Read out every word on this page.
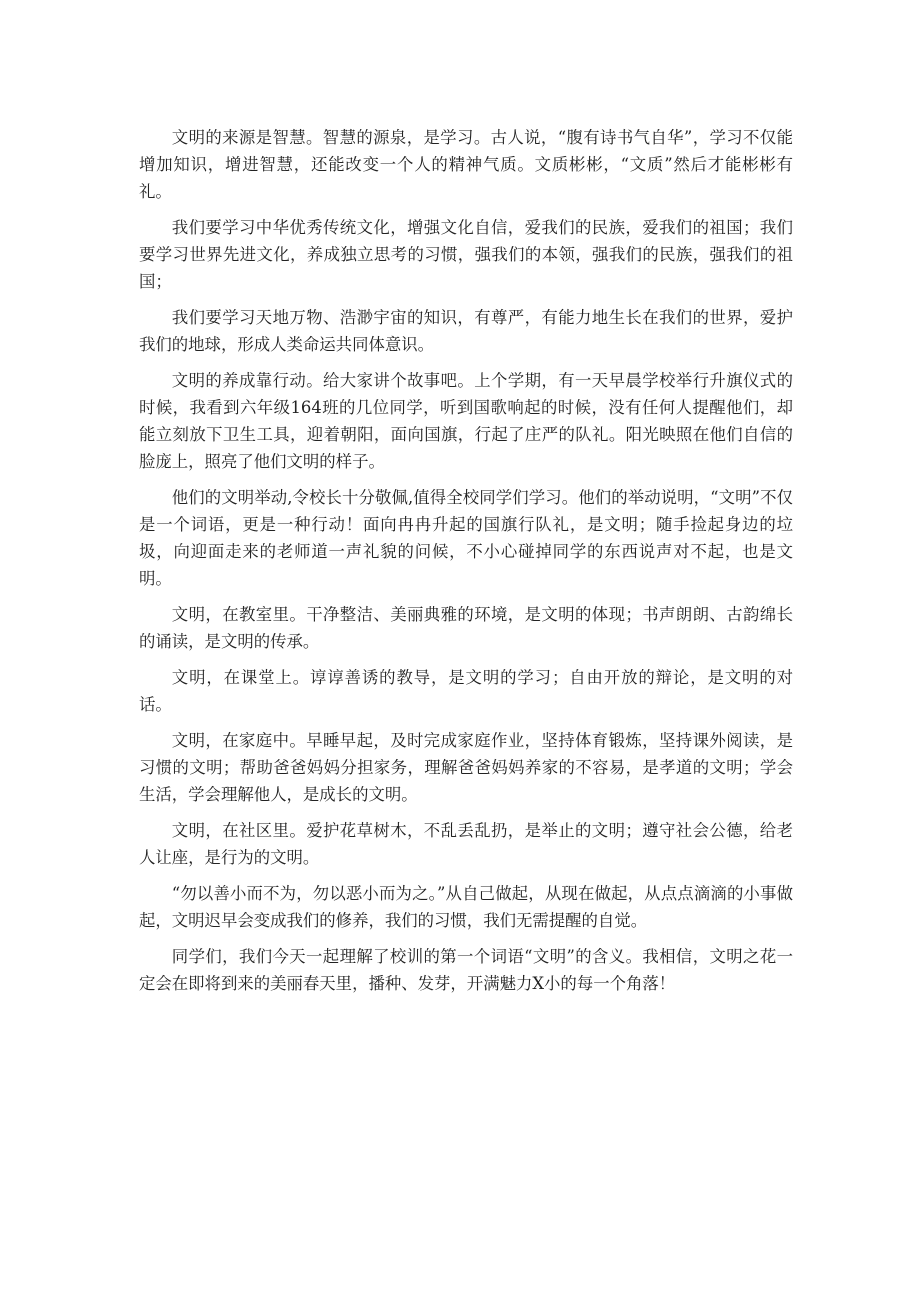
文明的来源是智慧。智慧的源泉，是学习。古人说，“腹有诗书气自华”，学习不仅能增加知识，增进智慧，还能改变一个人的精神气质。文质彬彬，“文质”然后才能彬彬有礼。

我们要学习中华优秀传统文化，增强文化自信，爱我们的民族，爱我们的祖国；我们要学习世界先进文化，养成独立思考的习惯，强我们的本领，强我们的民族，强我们的祖国；

我们要学习天地万物、浩渺宇宙的知识，有尊严，有能力地生长在我们的世界，爱护我们的地球，形成人类命运共同体意识。

文明的养成靠行动。给大家讲个故事吧。上个学期，有一天早晨学校举行升旗仪式的时候，我看到六年级164班的几位同学，听到国歌响起的时候，没有任何人提醒他们，却能立刻放下卫生工具，迎着朝阳，面向国旗，行起了庄严的队礼。阳光映照在他们自信的脸庞上，照亮了他们文明的样子。

他们的文明举动,令校长十分敬佩,值得全校同学们学习。他们的举动说明，“文明”不仅是一个词语，更是一种行动！面向冉冉升起的国旗行队礼，是文明；随手捡起身边的垃圾，向迎面走来的老师道一声礼貌的问候，不小心碰掉同学的东西说声对不起，也是文明。

文明，在教室里。干净整洁、美丽典雅的环境，是文明的体现；书声朗朗、古韵绵长的诵读，是文明的传承。

文明，在课堂上。谆谆善诱的教导，是文明的学习；自由开放的辩论，是文明的对话。

文明，在家庭中。早睡早起，及时完成家庭作业，坚持体育锻炼，坚持课外阅读，是习惯的文明；帮助爸爸妈妈分担家务，理解爸爸妈妈养家的不容易，是孝道的文明；学会生活，学会理解他人，是成长的文明。

文明，在社区里。爱护花草树木，不乱丢乱扔，是举止的文明；遵守社会公德，给老人让座，是行为的文明。

“勿以善小而不为，勿以恶小而为之。”从自己做起，从现在做起，从点点滴滴的小事做起，文明迟早会变成我们的修养，我们的习惯，我们无需提醒的自觉。

同学们，我们今天一起理解了校训的第一个词语“文明”的含义。我相信，文明之花一定会在即将到来的美丽春天里，播种、发芽，开满魅力X小的每一个角落！
